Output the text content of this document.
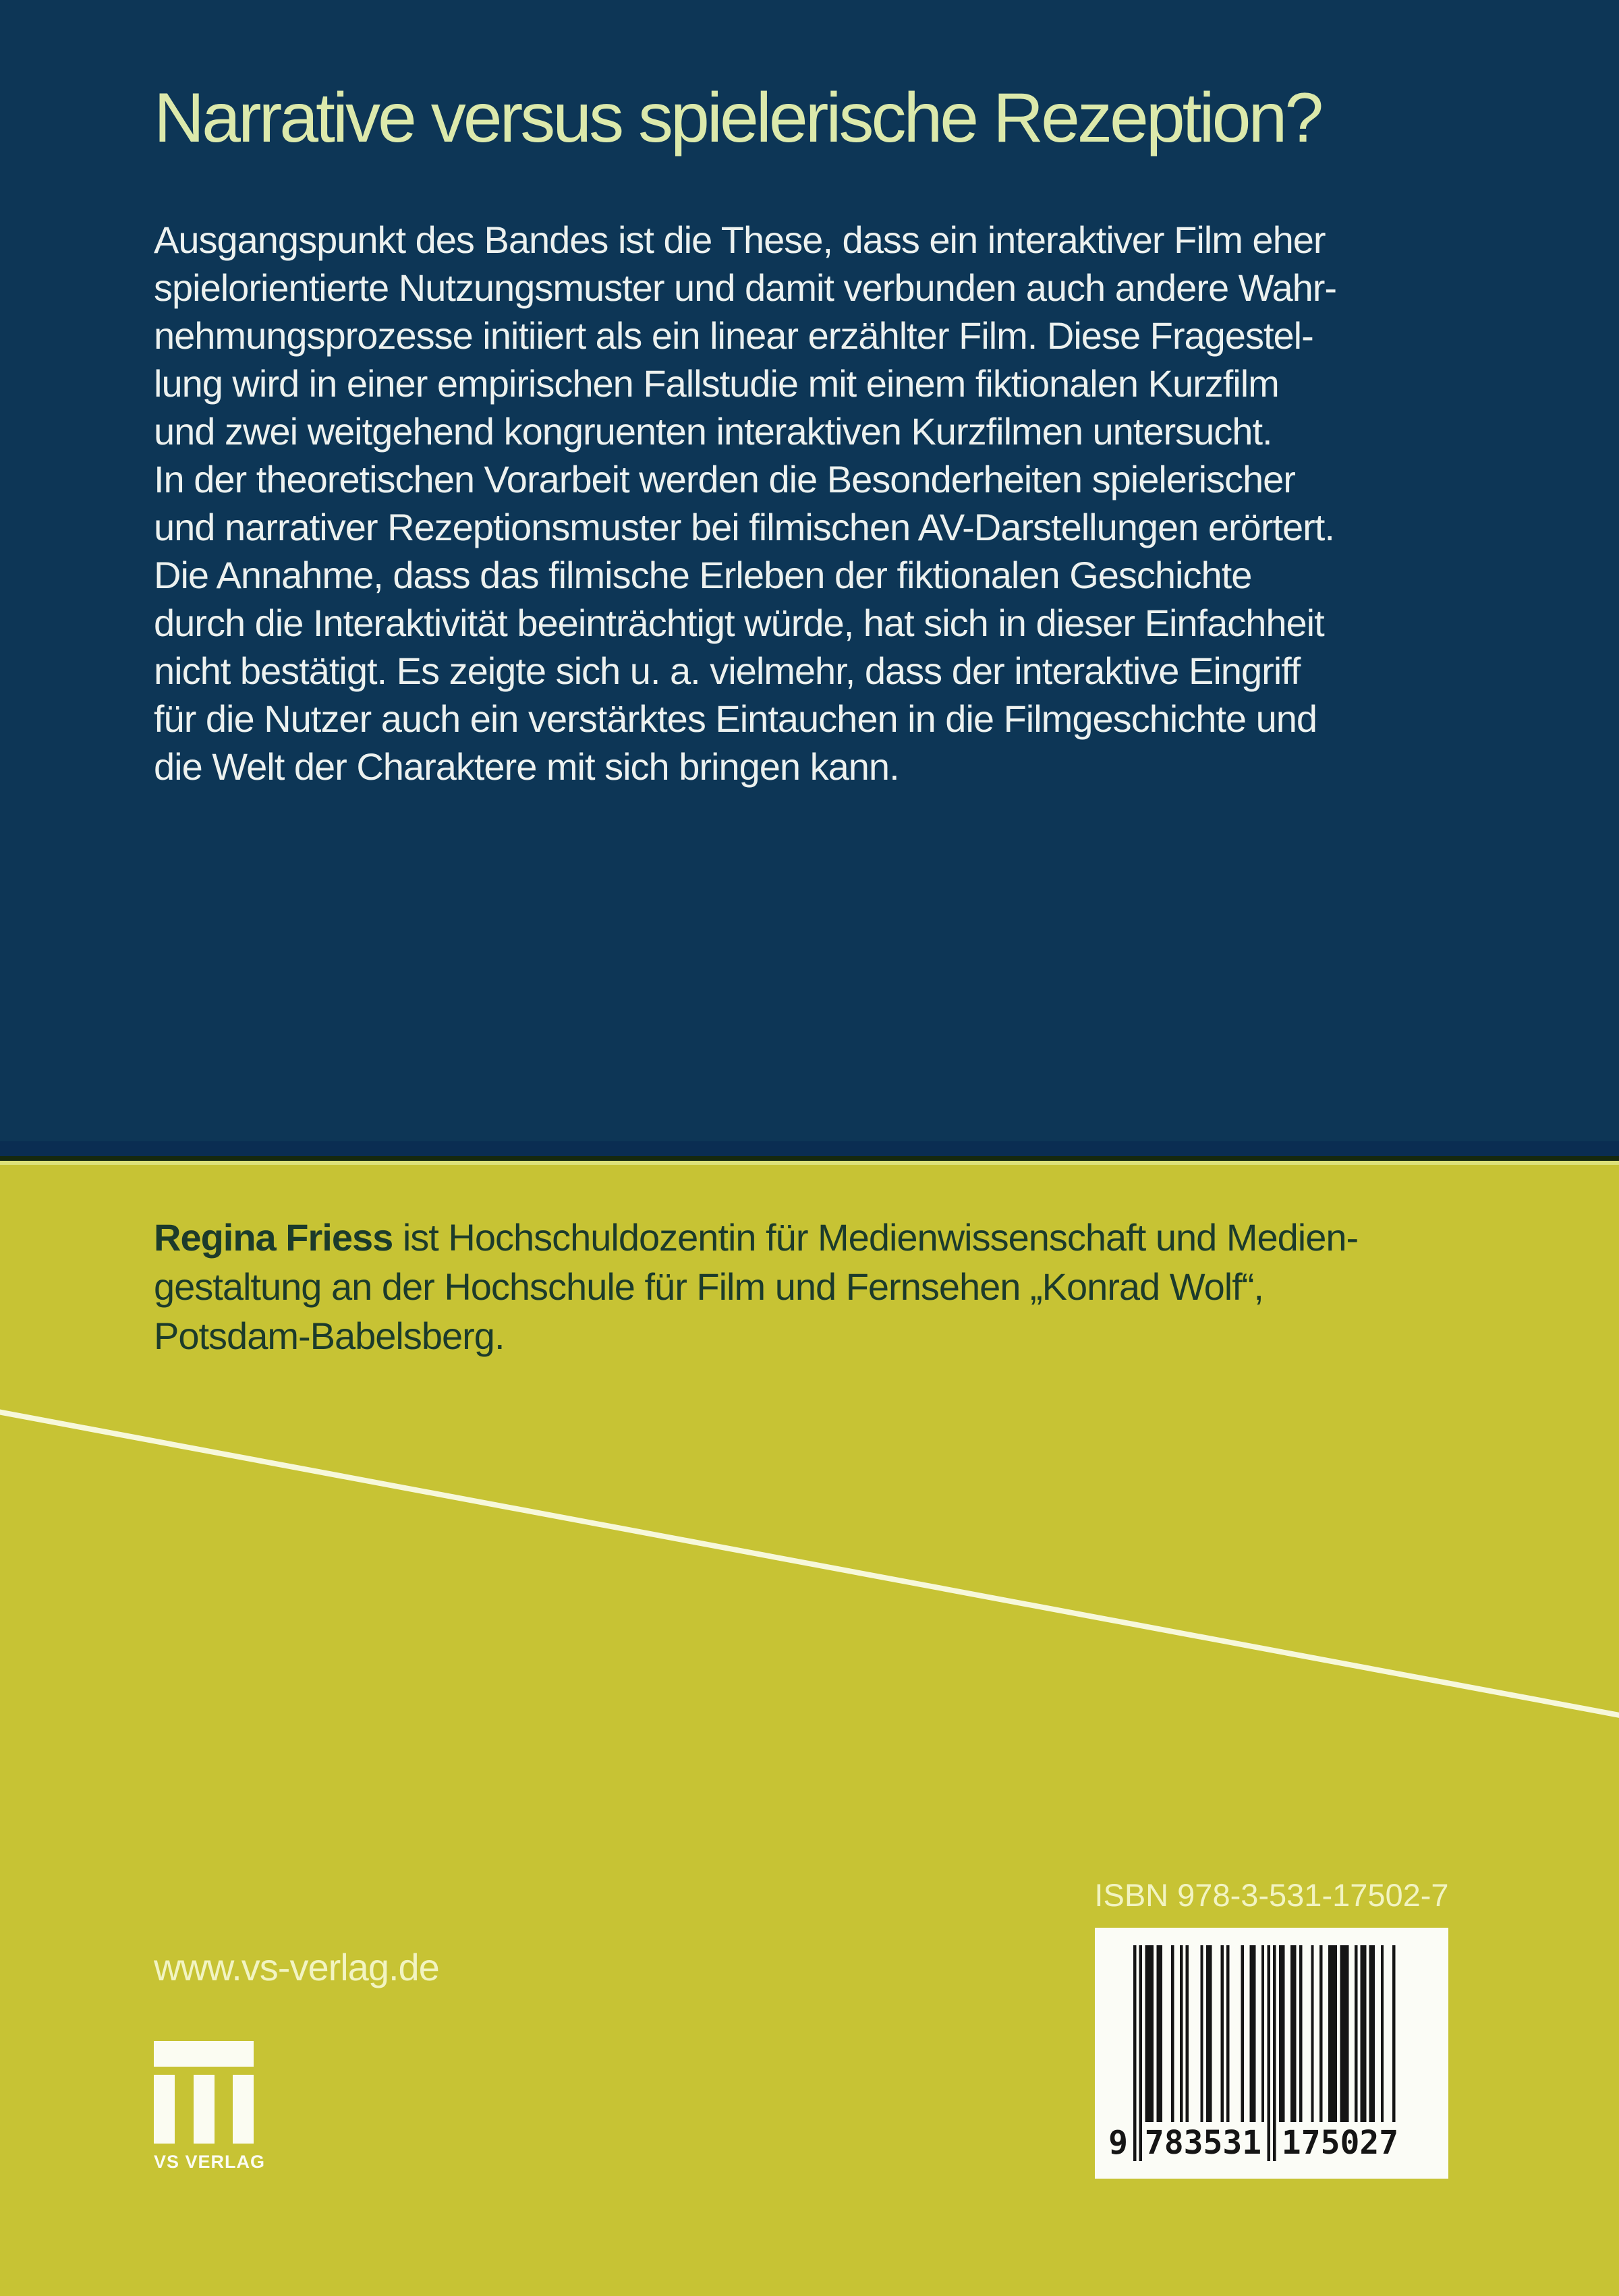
Narrative versus spielerische Rezeption?
Ausgangspunkt des Bandes ist die These, dass ein interaktiver Film eher
spielorientierte Nutzungsmuster und damit verbunden auch andere Wahr-
nehmungsprozesse initiiert als ein linear erzählter Film. Diese Fragestel-
lung wird in einer empirischen Fallstudie mit einem fiktionalen Kurzfilm
und zwei weitgehend kongruenten interaktiven Kurzfilmen untersucht.
In der theoretischen Vorarbeit werden die Besonderheiten spielerischer
und narrativer Rezeptionsmuster bei filmischen AV-Darstellungen erörtert.
Die Annahme, dass das filmische Erleben der fiktionalen Geschichte
durch die Interaktivität beeinträchtigt würde, hat sich in dieser Einfachheit
nicht bestätigt. Es zeigte sich u. a. vielmehr, dass der interaktive Eingriff
für die Nutzer auch ein verstärktes Eintauchen in die Filmgeschichte und
die Welt der Charaktere mit sich bringen kann.
Regina Friess ist Hochschuldozentin für Medienwissenschaft und Medien-
gestaltung an der Hochschule für Film und Fernsehen „Konrad Wolf“,
Potsdam-Babelsberg.
ISBN 978-3-531-17502-7
9 783531 175027
www.vs-verlag.de
VS VERLAG
